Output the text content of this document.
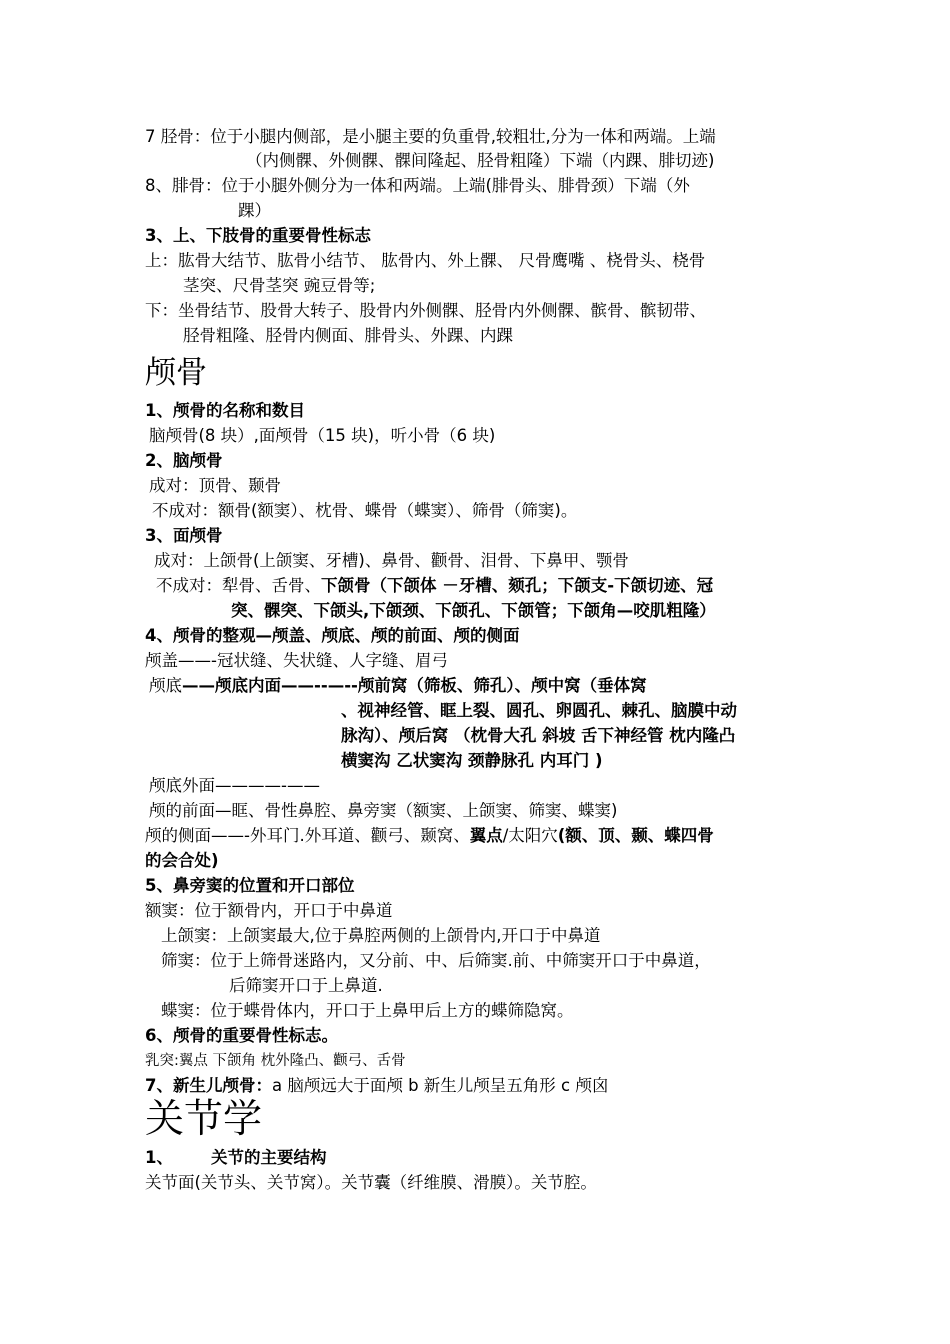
7 胫骨：位于小腿内侧部，是小腿主要的负重骨,较粗壮,分为一体和两端。上端
（内侧髁、外侧髁、髁间隆起、胫骨粗隆）下端（内踝、腓切迹)
8、腓骨：位于小腿外侧分为一体和两端。上端(腓骨头、腓骨颈）下端（外
踝）
3、上、下肢骨的重要骨性标志
上：肱骨大结节、肱骨小结节、 肱骨内、外上髁、 尺骨鹰嘴 、桡骨头、桡骨
茎突、尺骨茎突 豌豆骨等;
下：坐骨结节、股骨大转子、股骨内外侧髁、胫骨内外侧髁、髌骨、髌韧带、
胫骨粗隆、胫骨内侧面、腓骨头、外踝、内踝
颅骨
1、颅骨的名称和数目
脑颅骨(8 块）,面颅骨（15 块)，听小骨（6 块)
2、脑颅骨
成对：顶骨、颞骨
不成对：额骨(额窦）、枕骨、蝶骨（蝶窦）、筛骨（筛窦)。
3、面颅骨
成对：上颌骨(上颌窦、牙槽)、鼻骨、颧骨、泪骨、下鼻甲、颚骨
不成对：犁骨、舌骨、下颌骨（下颌体 －牙槽、颏孔；下颌支-下颌切迹、冠
突、髁突、下颌头,下颌颈、下颌孔、下颌管；下颌角—咬肌粗隆）
4、颅骨的整观—颅盖、颅底、颅的前面、颅的侧面
颅盖——-冠状缝、失状缝、人字缝、眉弓
颅底——颅底内面——--—--颅前窝（筛板、筛孔）、颅中窝（垂体窝
、视神经管、眶上裂、圆孔、卵圆孔、棘孔、脑膜中动
脉沟）、颅后窝 （枕骨大孔 斜坡 舌下神经管 枕内隆凸
横窦沟 乙状窦沟 颈静脉孔 内耳门 )
颅底外面————-——
颅的前面—眶、骨性鼻腔、鼻旁窦（额窦、上颌窦、筛窦、蝶窦)
颅的侧面——-外耳门.外耳道、颧弓、颞窝、翼点/太阳穴(额、顶、颞、蝶四骨
的会合处)
5、鼻旁窦的位置和开口部位
额窦：位于额骨内，开口于中鼻道
上颌窦：上颌窦最大,位于鼻腔两侧的上颌骨内,开口于中鼻道
筛窦：位于上筛骨迷路内，又分前、中、后筛窦.前、中筛窦开口于中鼻道，
后筛窦开口于上鼻道.
蝶窦：位于蝶骨体内，开口于上鼻甲后上方的蝶筛隐窝。
6、颅骨的重要骨性标志。
乳突:翼点 下颌角 枕外隆凸、颧弓、舌骨
7、新生儿颅骨：a 脑颅远大于面颅 b 新生儿颅呈五角形 c 颅囟
关节学
1、 关节的主要结构
关节面(关节头、关节窝）。关节囊（纤维膜、滑膜）。关节腔。
